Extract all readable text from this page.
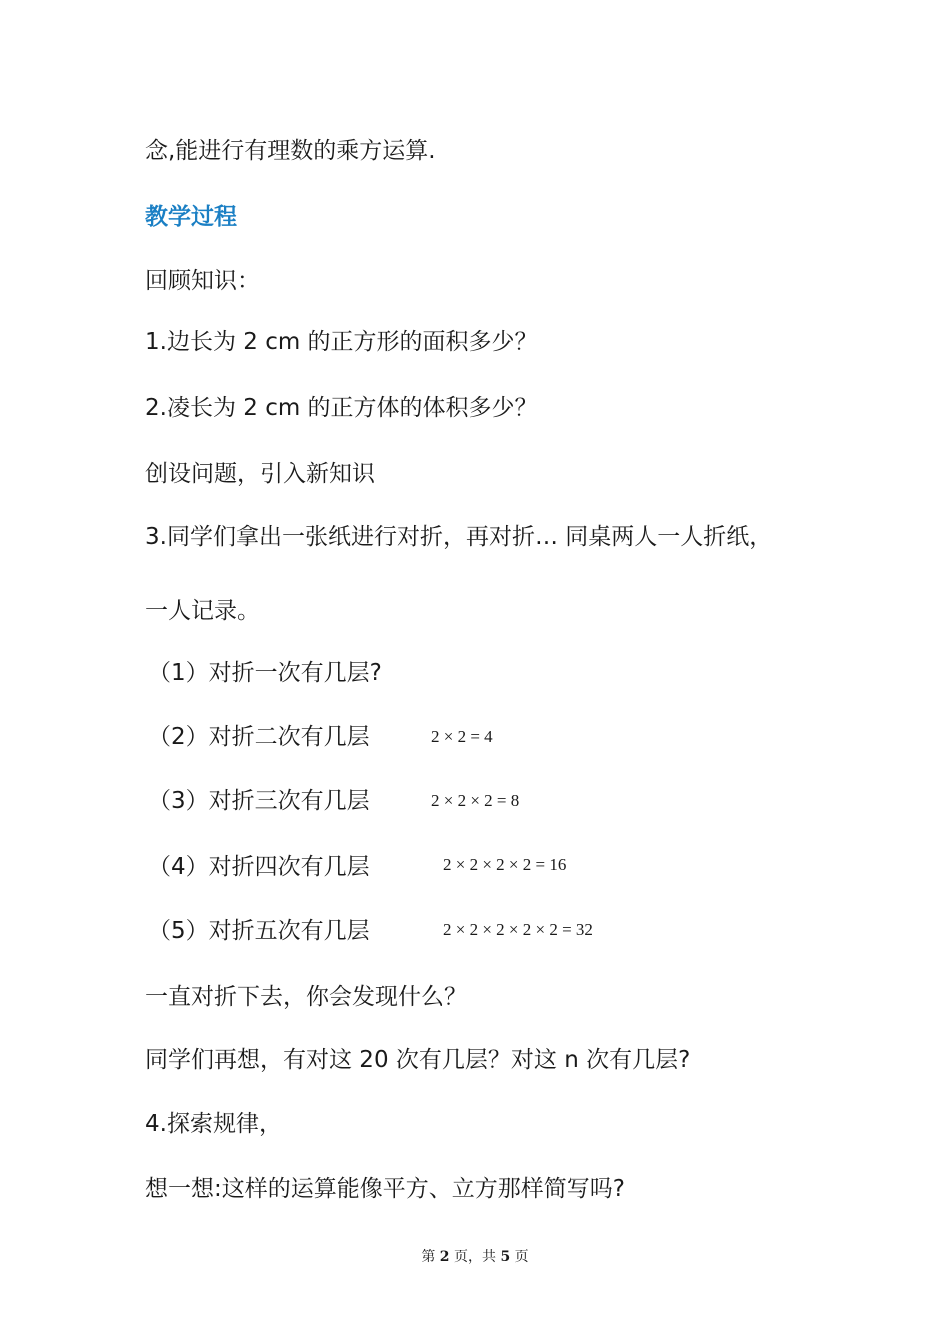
念,能进行有理数的乘方运算.
教学过程
回顾知识：
1.边长为 2 cm 的正方形的面积多少？
2.凌长为 2 cm 的正方体的体积多少？
创设问题，引入新知识
3.同学们拿出一张纸进行对折，再对折… 同桌两人一人折纸，
一人记录。
（1）对折一次有几层?
（2）对折二次有几层	2 × 2 = 4
（3）对折三次有几层	2 × 2 × 2 = 8
（4）对折四次有几层	2 × 2 × 2 × 2 = 16
（5）对折五次有几层	2 × 2 × 2 × 2 × 2 = 32
一直对折下去，你会发现什么？
同学们再想，有对这 20 次有几层？对这 n 次有几层?
4.探索规律，
想一想:这样的运算能像平方、立方那样简写吗?
第 2 页，共 5 页
